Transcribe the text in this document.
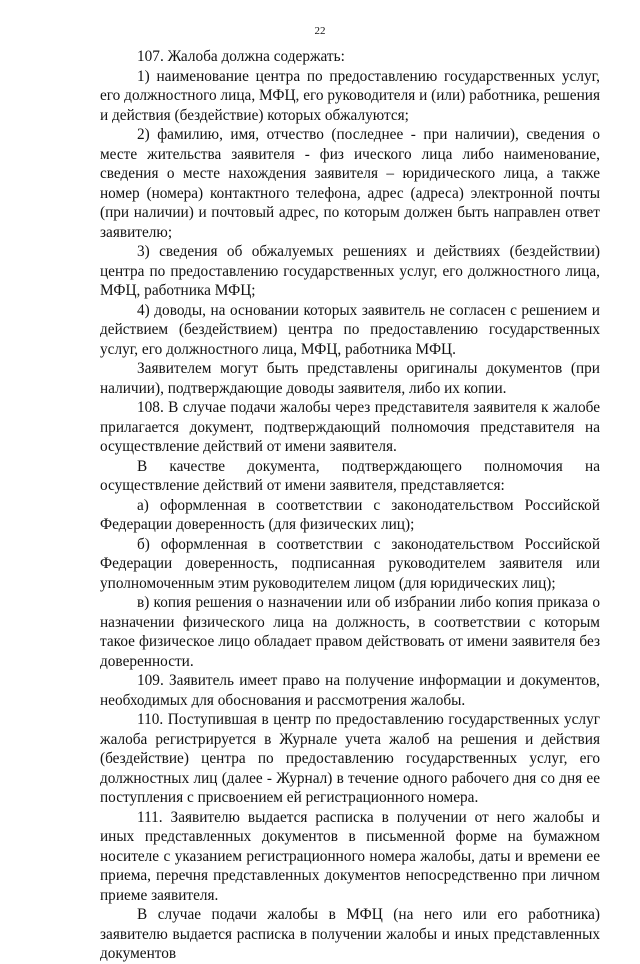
22

107. Жалоба должна содержать:

1) наименование центра по предоставлению государственных услуг, его должностного лица, МФЦ, его руководителя и (или) работника, решения и действия (бездействие) которых обжалуются;

2) фамилию, имя, отчество (последнее - при наличии), сведения о месте жительства заявителя - физ ического лица либо наименование, сведения о месте нахождения заявителя – юридического лица, а также номер (номера) контактного телефона, адрес (адреса) электронной почты (при наличии) и почтовый адрес, по которым должен быть направлен ответ заявителю;

3) сведения об обжалуемых решениях и действиях (бездействии) центра по предоставлению государственных услуг, его должностного лица, МФЦ, работника МФЦ;

4) доводы, на основании которых заявитель не согласен с решением и действием (бездействием) центра по предоставлению государственных услуг, его должностного лица, МФЦ, работника МФЦ.

Заявителем могут быть представлены оригиналы документов (при наличии), подтверждающие доводы заявителя, либо их копии.

108. В случае подачи жалобы через представителя заявителя к жалобе прилагается документ, подтверждающий полномочия представителя на осуществление действий от имени заявителя.

В качестве документа, подтверждающего полномочия на осуществление действий от имени заявителя, представляется:

а) оформленная в соответствии с законодательством Российской Федерации доверенность (для физических лиц);

б) оформленная в соответствии с законодательством Российской Федерации доверенность, подписанная руководителем заявителя или уполномоченным этим руководителем лицом (для юридических лиц);

в) копия решения о назначении или об избрании либо копия приказа о назначении физического лица на должность, в соответствии с которым такое физическое лицо обладает правом действовать от имени заявителя без доверенности.

109. Заявитель имеет право на получение информации и документов, необходимых для обоснования и рассмотрения жалобы.

110. Поступившая в центр по предоставлению государственных услуг жалоба регистрируется в Журнале учета жалоб на решения и действия (бездействие) центра по предоставлению государственных услуг, его должностных лиц (далее - Журнал) в течение одного рабочего дня со дня ее поступления с присвоением ей регистрационного номера.

111. Заявителю выдается расписка в получении от него жалобы и иных представленных документов в письменной форме на бумажном носителе с указанием регистрационного номера жалобы, даты и времени ее приема, перечня представленных документов непосредственно при личном приеме заявителя.

В случае подачи жалобы в МФЦ (на него или его работника) заявителю выдается расписка в получении жалобы и иных представленных документов
